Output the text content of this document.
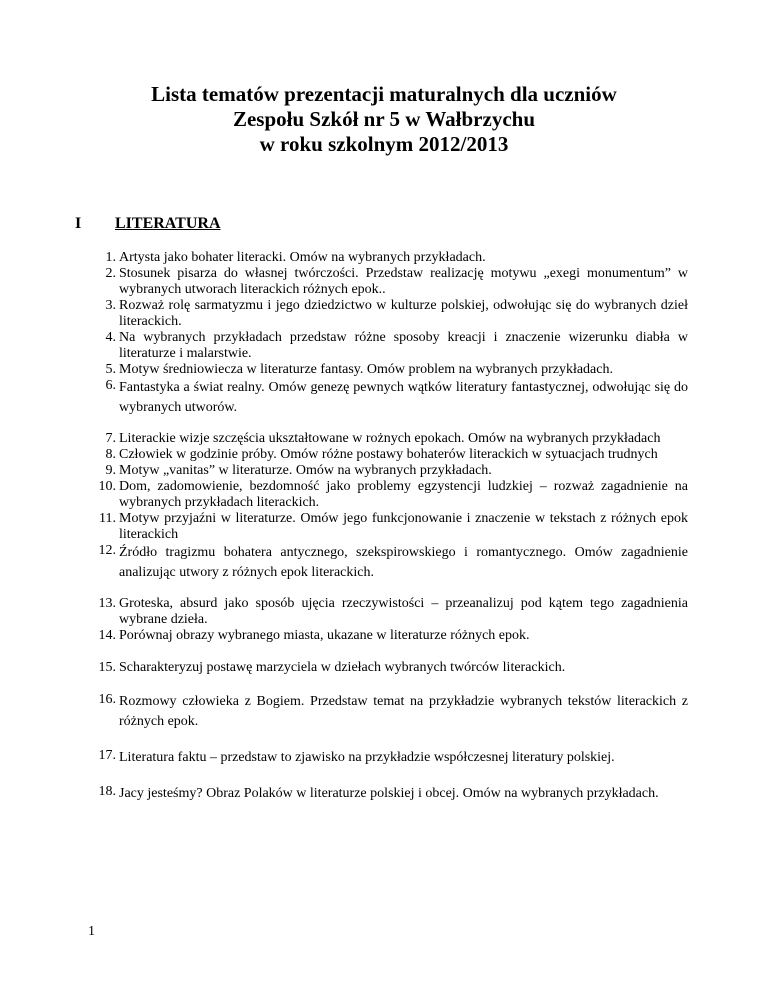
Lista tematów prezentacji maturalnych dla uczniów
Zespołu Szkół nr 5 w Wałbrzychu
w roku szkolnym 2012/2013
I LITERATURA
1. Artysta jako bohater literacki. Omów na wybranych przykładach.
2. Stosunek pisarza do własnej twórczości. Przedstaw realizację motywu „exegi monumentum” w wybranych utworach literackich różnych epok..
3. Rozważ rolę sarmatyzmu i jego dziedzictwo w kulturze polskiej, odwołując się do wybranych dzieł literackich.
4. Na wybranych przykładach przedstaw różne sposoby kreacji i znaczenie wizerunku diabła w literaturze i malarstwie.
5. Motyw średniowiecza w literaturze fantasy. Omów problem na wybranych przykładach.
6. Fantastyka a świat realny. Omów genezę pewnych wątków literatury fantastycznej, odwołując się do wybranych utworów.
7. Literackie wizje szczęścia ukształtowane w rożnych epokach. Omów na wybranych przykładach
8. Człowiek w godzinie próby. Omów różne postawy bohaterów literackich w sytuacjach trudnych
9. Motyw „vanitas” w literaturze. Omów na wybranych przykładach.
10. Dom, zadomowienie, bezdomność jako problemy egzystencji ludzkiej – rozważ zagadnienie na wybranych przykładach literackich.
11. Motyw przyjaźni w literaturze. Omów jego funkcjonowanie i znaczenie w tekstach z różnych epok literackich
12. Źródło tragizmu bohatera antycznego, szekspirowskiego i romantycznego. Omów zagadnienie analizując utwory z różnych epok literackich.
13. Groteska, absurd jako sposób ujęcia rzeczywistości – przeanalizuj pod kątem tego zagadnienia wybrane dzieła.
14. Porównaj obrazy wybranego miasta, ukazane w literaturze różnych epok.
15. Scharakteryzuj postawę marzyciela w dziełach wybranych twórców literackich.
16. Rozmowy człowieka z Bogiem. Przedstaw temat na przykładzie wybranych tekstów literackich z różnych epok.
17. Literatura faktu – przedstaw to zjawisko na przykładzie współczesnej literatury polskiej.
18. Jacy jesteśmy? Obraz Polaków w literaturze polskiej i obcej. Omów na wybranych przykładach.
1
